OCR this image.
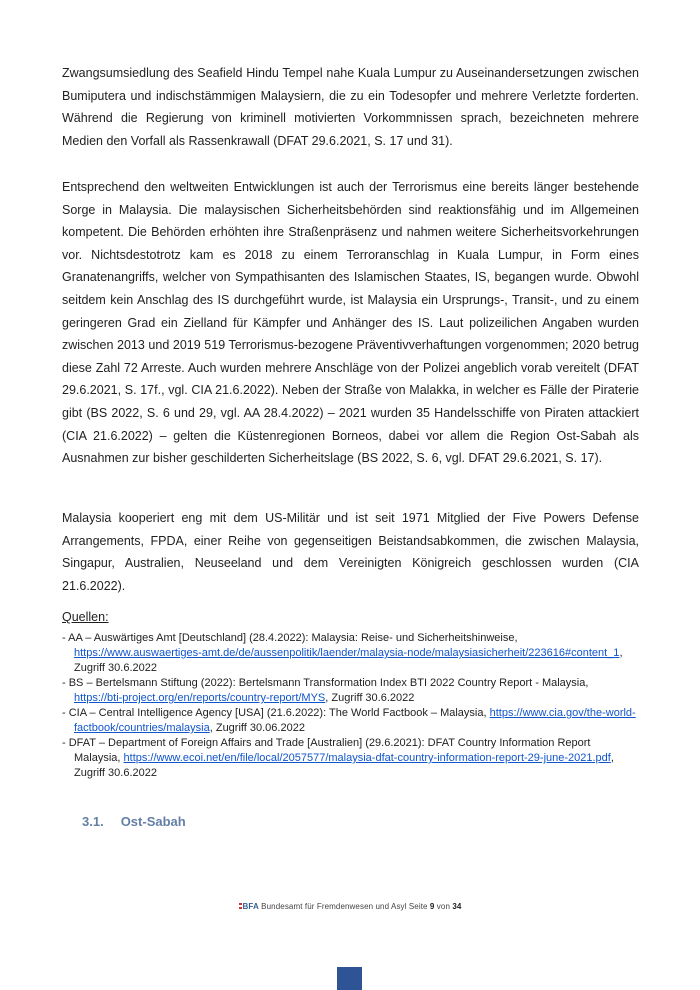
Zwangsumsiedlung des Seafield Hindu Tempel nahe Kuala Lumpur zu Auseinandersetzungen zwischen Bumiputera und indischstämmigen Malaysiern, die zu ein Todesopfer und mehrere Verletzte forderten. Während die Regierung von kriminell motivierten Vorkommnissen sprach, bezeichneten mehrere Medien den Vorfall als Rassenkrawall (DFAT 29.6.2021, S. 17 und 31).

Entsprechend den weltweiten Entwicklungen ist auch der Terrorismus eine bereits länger bestehende Sorge in Malaysia. Die malaysischen Sicherheitsbehörden sind reaktionsfähig und im Allgemeinen kompetent. Die Behörden erhöhten ihre Straßenpräsenz und nahmen weitere Sicherheitsvorkehrungen vor. Nichtsdestotrotz kam es 2018 zu einem Terroranschlag in Kuala Lumpur, in Form eines Granatenangriffs, welcher von Sympathisanten des Islamischen Staates, IS, begangen wurde. Obwohl seitdem kein Anschlag des IS durchgeführt wurde, ist Malaysia ein Ursprungs-, Transit-, und zu einem geringeren Grad ein Zielland für Kämpfer und Anhänger des IS. Laut polizeilichen Angaben wurden zwischen 2013 und 2019 519 Terrorismus-bezogene Präventivverhaftungen vorgenommen; 2020 betrug diese Zahl 72 Arreste. Auch wurden mehrere Anschläge von der Polizei angeblich vorab vereitelt (DFAT 29.6.2021, S. 17f., vgl. CIA 21.6.2022). Neben der Straße von Malakka, in welcher es Fälle der Piraterie gibt (BS 2022, S. 6 und 29, vgl. AA 28.4.2022) – 2021 wurden 35 Handelsschiffe von Piraten attackiert (CIA 21.6.2022) – gelten die Küstenregionen Borneos, dabei vor allem die Region Ost-Sabah als Ausnahmen zur bisher geschilderten Sicherheitslage (BS 2022, S. 6, vgl. DFAT 29.6.2021, S. 17).

Malaysia kooperiert eng mit dem US-Militär und ist seit 1971 Mitglied der Five Powers Defense Arrangements, FPDA, einer Reihe von gegenseitigen Beistandsabkommen, die zwischen Malaysia, Singapur, Australien, Neuseeland und dem Vereinigten Königreich geschlossen wurden (CIA 21.6.2022).

Quellen:
- AA – Auswärtiges Amt [Deutschland] (28.4.2022): Malaysia: Reise- und Sicherheitshinweise, https://www.auswaertiges-amt.de/de/aussenpolitik/laender/malaysia-node/malaysiasicherheit/223616#content_1, Zugriff 30.6.2022
- BS – Bertelsmann Stiftung (2022): Bertelsmann Transformation Index BTI 2022 Country Report - Malaysia, https://bti-project.org/en/reports/country-report/MYS, Zugriff 30.6.2022
- CIA – Central Intelligence Agency [USA] (21.6.2022): The World Factbook – Malaysia, https://www.cia.gov/the-world-factbook/countries/malaysia, Zugriff 30.06.2022
- DFAT – Department of Foreign Affairs and Trade [Australien] (29.6.2021): DFAT Country Information Report Malaysia, https://www.ecoi.net/en/file/local/2057577/malaysia-dfat-country-information-report-29-june-2021.pdf, Zugriff 30.6.2022
3.1. Ost-Sabah
BFA Bundesamt für Fremdenwesen und Asyl Seite 9 von 34
